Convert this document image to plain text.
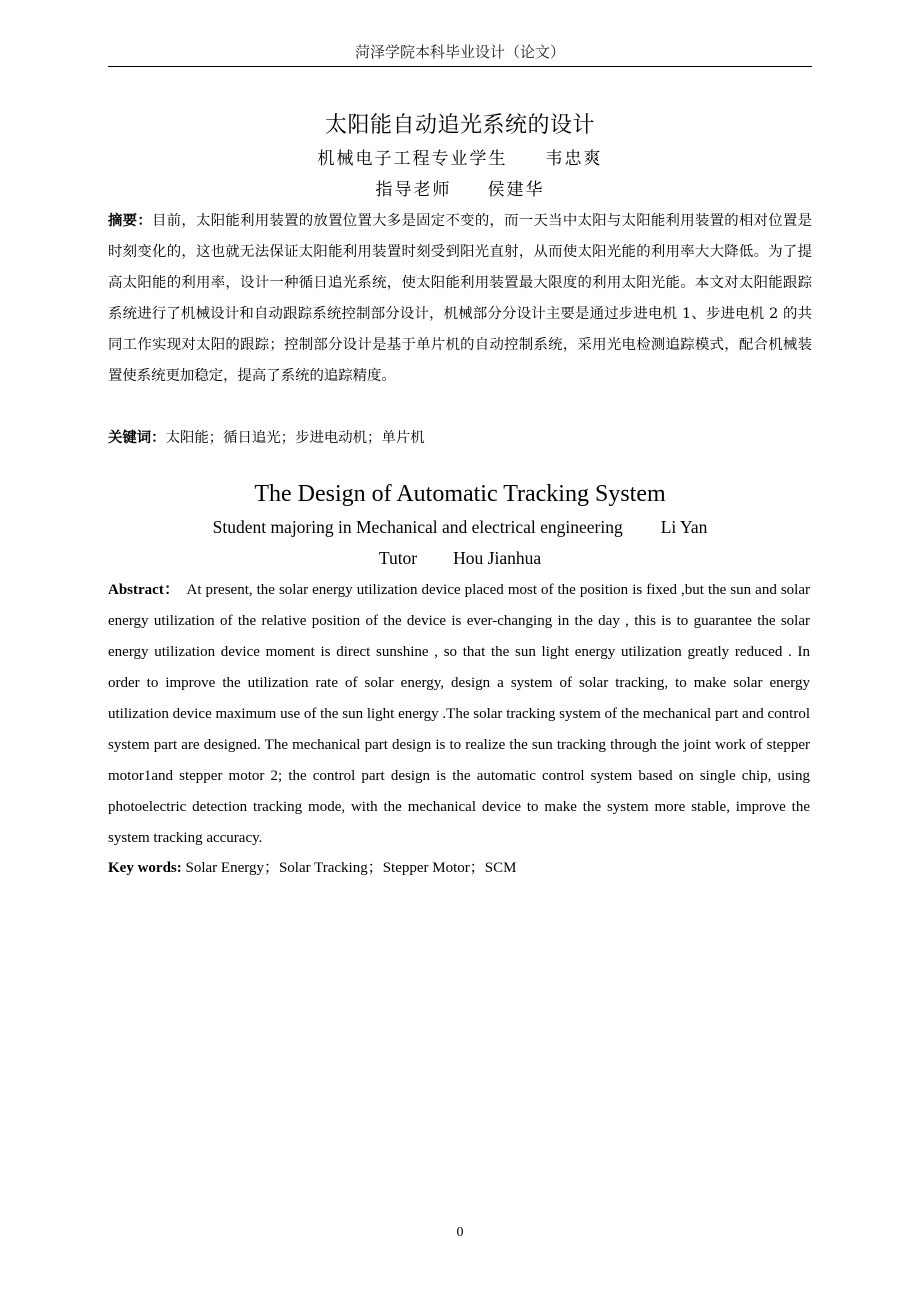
菏泽学院本科毕业设计（论文）
太阳能自动追光系统的设计
机械电子工程专业学生 韦忠爽
指导老师 侯建华
摘要：目前，太阳能利用装置的放置位置大多是固定不变的，而一天当中太阳与太阳能利用装置的相对位置是时刻变化的，这也就无法保证太阳能利用装置时刻受到阳光直射，从而使太阳光能的利用率大大降低。为了提高太阳能的利用率，设计一种循日追光系统，使太阳能利用装置最大限度的利用太阳光能。本文对太阳能跟踪系统进行了机械设计和自动跟踪系统控制部分设计，机械部分分设计主要是通过步进电机 1、步进电机 2 的共同工作实现对太阳的跟踪；控制部分设计是基于单片机的自动控制系统，采用光电检测追踪模式，配合机械装置使系统更加稳定，提高了系统的追踪精度。
关键词：太阳能；循日追光；步进电动机；单片机
The Design of Automatic Tracking System
Student majoring in Mechanical and electrical engineering Li Yan
Tutor Hou Jianhua
Abstract： At present, the solar energy utilization device placed most of the position is fixed ,but the sun and solar energy utilization of the relative position of the device is ever-changing in the day , this is to guarantee the solar energy utilization device moment is direct sunshine , so that the sun light energy utilization greatly reduced . In order to improve the utilization rate of solar energy, design a system of solar tracking, to make solar energy utilization device maximum use of the sun light energy .The solar tracking system of the mechanical part and control system part are designed. The mechanical part design is to realize the sun tracking through the joint work of stepper motor1and stepper motor 2; the control part design is the automatic control system based on single chip, using photoelectric detection tracking mode, with the mechanical device to make the system more stable, improve the system tracking accuracy.
Key words: Solar Energy；Solar Tracking；Stepper Motor；SCM
0
